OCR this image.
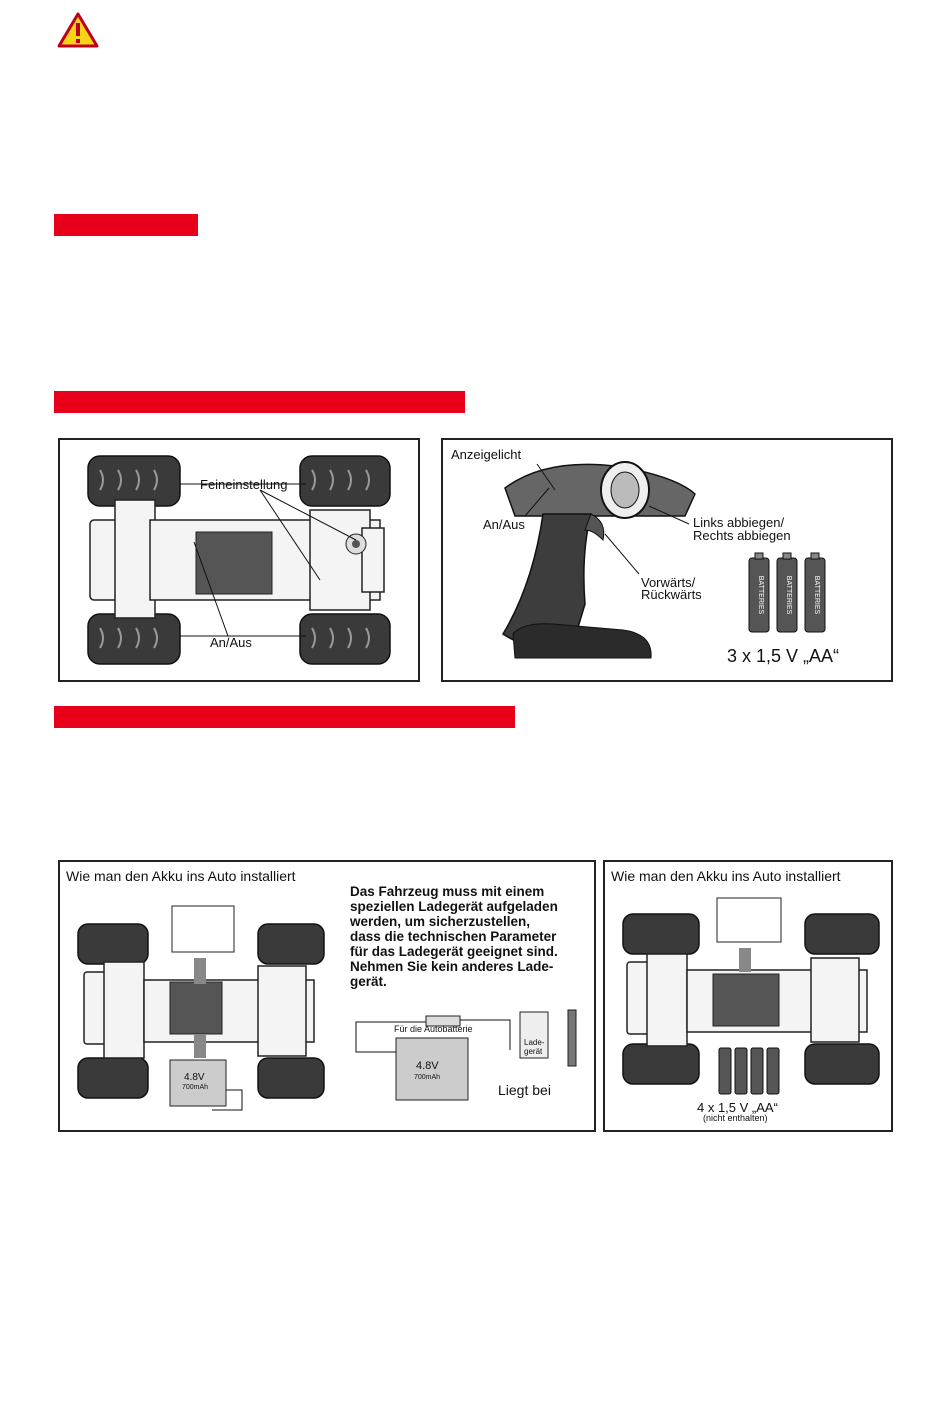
Feineinstellung
An/Aus
BATTERIES	BATTERIES	BATTERIES
Anzeigelicht
An/Aus	Links abbiegen/
Rechts abbiegen
Vorwärts/
Rückwärts
3 x 1,5 V „AA“
Wie man den Akku ins Auto installiert
Das Fahrzeug muss mit einem
speziellen Ladegerät aufgeladen
werden, um sicherzustellen,
dass die technischen Parameter
für das Ladegerät geeignet sind.
Nehmen Sie kein anderes Lade-
gerät.
Für die Autobatterie
4.8V
700mAh
4.8V
700mAh
Lade-
gerät
Liegt bei
Wie man den Akku ins Auto installiert
4 x 1,5 V „AA“
(nicht enthalten)
